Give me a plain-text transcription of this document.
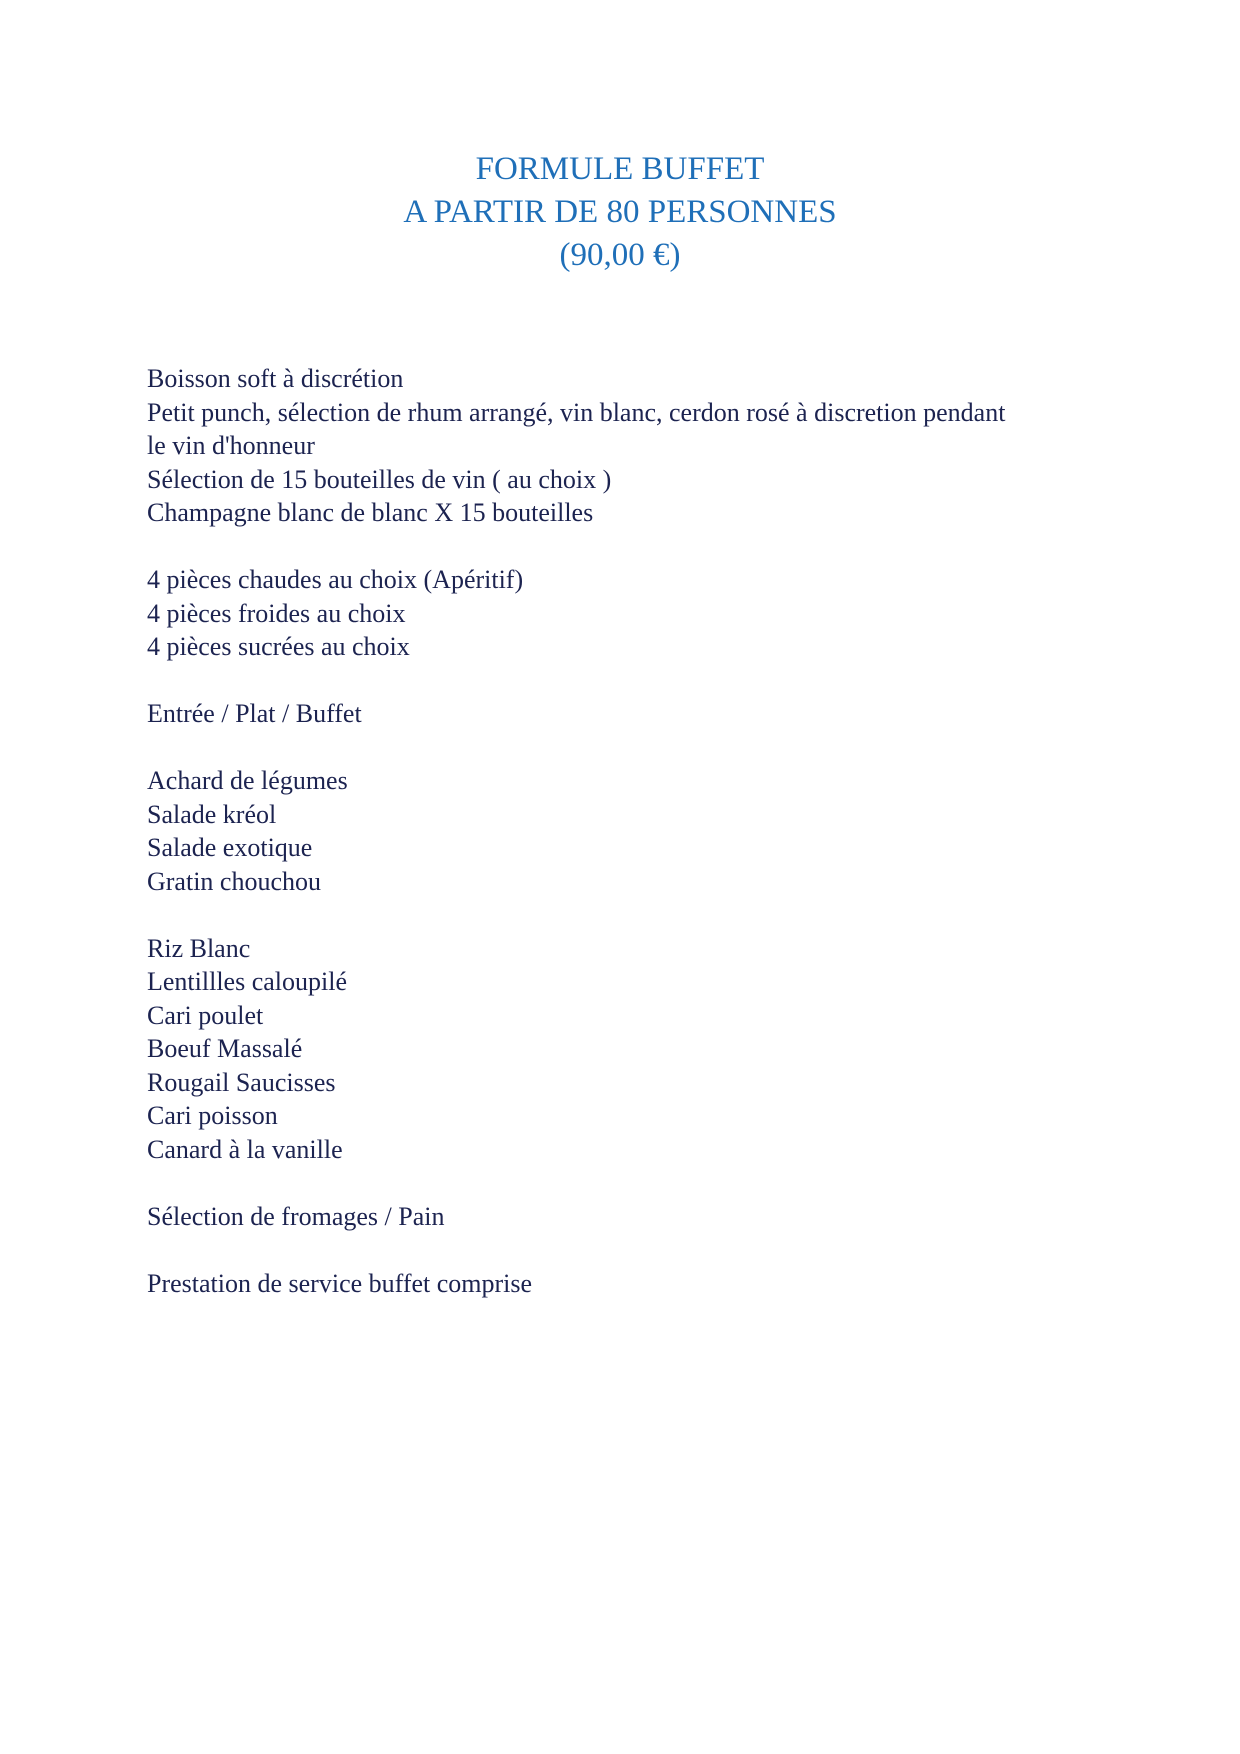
FORMULE BUFFET
A PARTIR DE 80 PERSONNES
(90,00 €)
Boisson soft à discrétion
Petit punch, sélection de rhum arrangé, vin blanc, cerdon rosé à discretion pendant
le vin d'honneur
Sélection de 15 bouteilles de vin ( au choix )
Champagne blanc de blanc X 15 bouteilles
4 pièces chaudes au choix (Apéritif)
4 pièces froides au choix
4 pièces sucrées au choix
Entrée / Plat / Buffet
Achard de légumes
Salade kréol
Salade exotique
Gratin chouchou
Riz Blanc
Lentillles caloupilé
Cari poulet
Boeuf Massalé
Rougail Saucisses
Cari poisson
Canard à la vanille
Sélection de fromages / Pain
Prestation de service buffet comprise
